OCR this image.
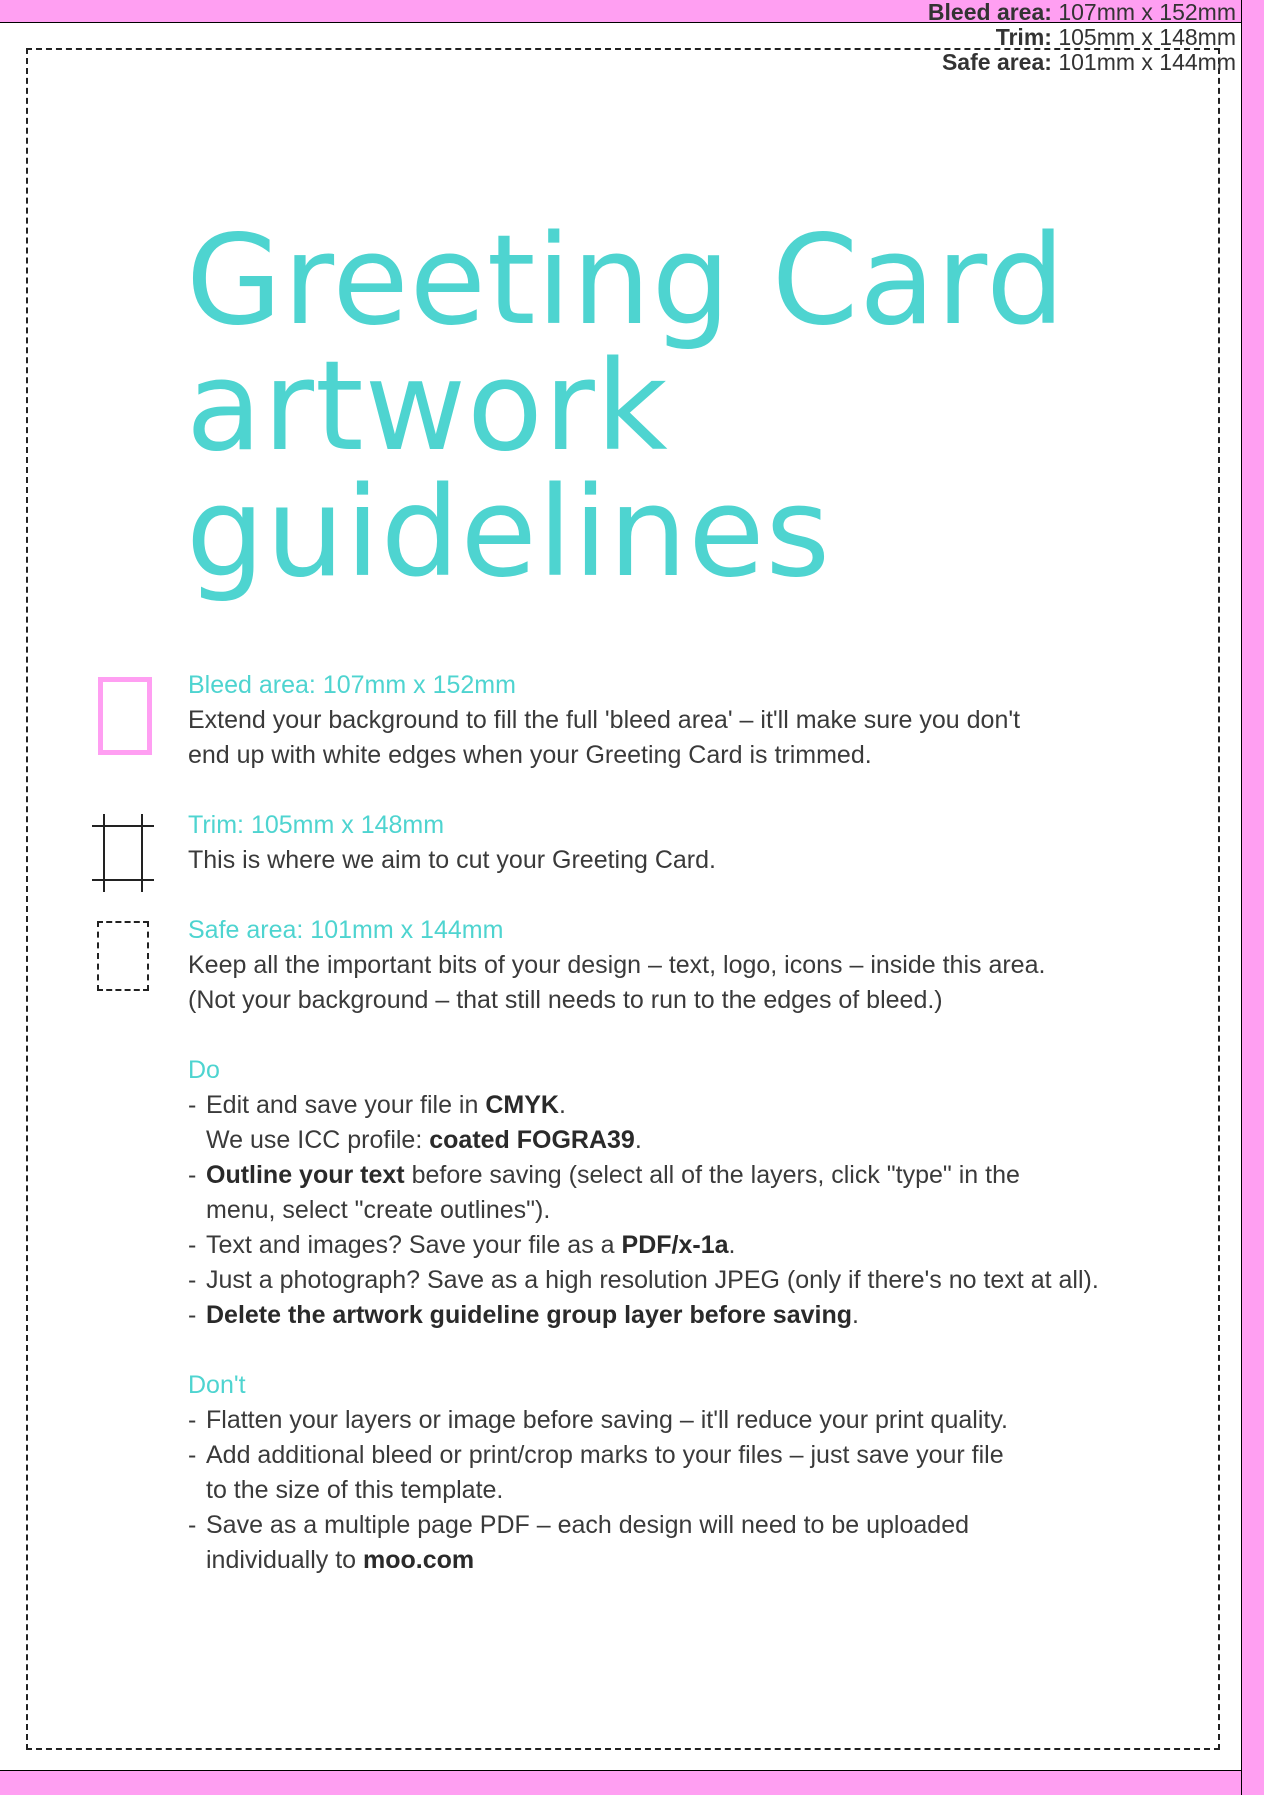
Bleed area: 107mm x 152mm
Trim: 105mm x 148mm
Safe area: 101mm x 144mm
Greeting Card
artwork
guidelines
Bleed area: 107mm x 152mm
Extend your background to fill the full 'bleed area' – it'll make sure you don't
end up with white edges when your Greeting Card is trimmed.
Trim: 105mm x 148mm
This is where we aim to cut your Greeting Card.
Safe area: 101mm x 144mm
Keep all the important bits of your design – text, logo, icons – inside this area.
(Not your background – that still needs to run to the edges of bleed.)
Do
- Edit and save your file in CMYK.
We use ICC profile: coated FOGRA39.
- Outline your text before saving (select all of the layers, click "type" in the
menu, select "create outlines").
- Text and images? Save your file as a PDF/x-1a.
- Just a photograph? Save as a high resolution JPEG (only if there's no text at all).
- Delete the artwork guideline group layer before saving.
Don't
- Flatten your layers or image before saving – it'll reduce your print quality.
- Add additional bleed or print/crop marks to your files – just save your file
to the size of this template.
- Save as a multiple page PDF – each design will need to be uploaded
individually to moo.com
